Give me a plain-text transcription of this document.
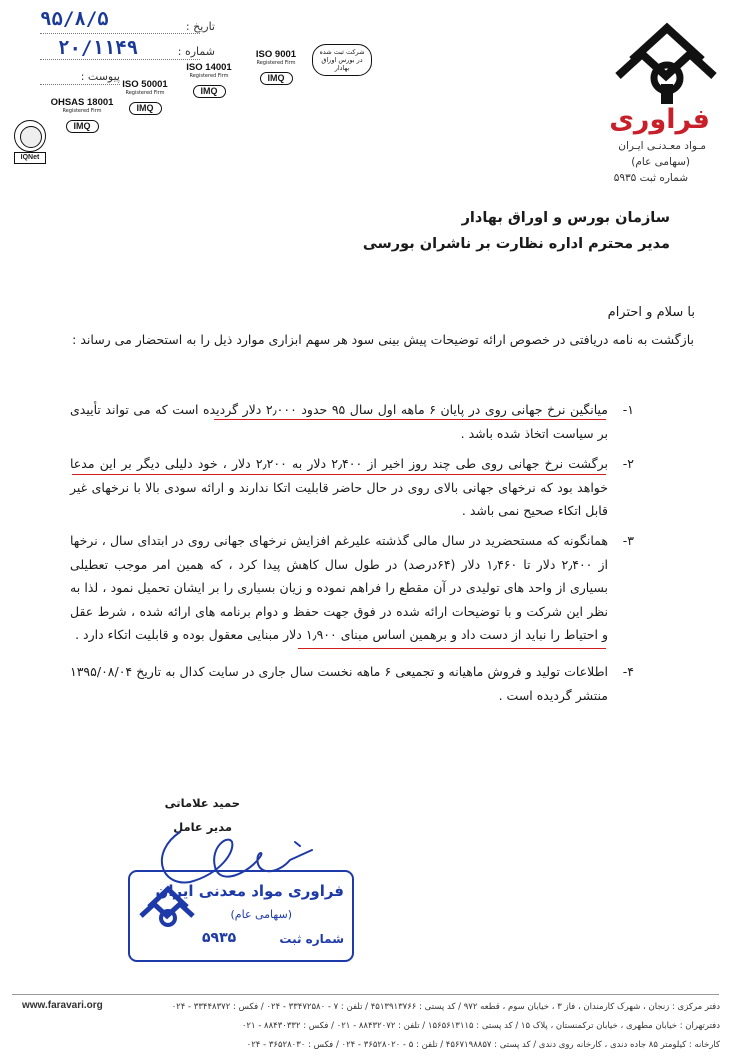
تاریخ :
۹۵/۸/۵
شماره :
۲۰/۱۱۴۹
پیوست :
ISO 9001
Registered Firm
IMQ
ISO 14001
Registered Firm
IMQ
ISO 50001
Registered Firm
IMQ
OHSAS 18001
Registered Firm
IMQ
شرکت ثبت شده در بورس اوراق بهادار
IQNet
فراوری
مـواد معـدنـی ایـران
(سهامی عام)
شماره ثبت ۵۹۳۵
سازمان بورس و اوراق بهادار
مدیر محترم اداره نظارت بر ناشران بورسی
با سلام و احترام
بازگشت به نامه دریافتی در خصوص ارائه توضیحات پیش بینی سود هر سهم ابزاری موارد ذیل را به استحضار می رساند :
۱-
میانگین نرخ جهانی روی در پایان ۶ ماهه اول سال ۹۵ حدود ۲٫۰۰۰ دلار گردیده است که می تواند تأییدی بر سیاست اتخاذ شده باشد .
۲-
برگشت نرخ جهانی روی طی چند روز اخیر از ۲٫۴۰۰ دلار به ۲٫۲۰۰ دلار ، خود دلیلی دیگر بر این مدعا خواهد بود که نرخهای جهانی بالای روی در حال حاضر قابلیت اتکا ندارند و ارائه سودی بالا با نرخهای غیر قابل اتکاء صحیح نمی باشد .
۳-
همانگونه که مستحضرید در سال مالی گذشته علیرغم افزایش نرخهای جهانی روی در ابتدای سال ، نرخها از ۲٫۴۰۰ دلار تا ۱٫۴۶۰ دلار (۶۴درصد) در طول سال کاهش پیدا کرد ، که همین امر موجب تعطیلی بسیاری از واحد های تولیدی در آن مقطع را فراهم نموده و زیان بسیاری را بر ایشان تحمیل نمود ، لذا به نظر این شرکت و با توضیحات ارائه شده در فوق جهت حفظ و دوام برنامه های ارائه شده ، شرط عقل و احتیاط را نباید از دست داد و برهمین اساس مبنای ۱٫۹۰۰ دلار مبنایی معقول بوده و قابلیت اتکاء دارد .
۴-
اطلاعات تولید و فروش ماهیانه و تجمیعی ۶ ماهه نخست سال جاری در سایت کدال به تاریخ ۱۳۹۵/۰۸/۰۴ منتشر گردیده است .
حمید علاماتی
مدیر عامل
فراوری مواد معدنی ایران
(سهامی عام)
شماره ثبت
۵۹۳۵
www.faravari.org	دفتر مرکزی : زنجان ، شهرک کارمندان ، فاز ۳ ، خیابان سوم ، قطعه ۹۷۲ / کد پستی : ۴۵۱۳۹۱۳۷۶۶ / تلفن : ۷ - ۳۳۴۷۲۵۸۰ - ۰۲۴ / فکس : ۳۳۴۴۸۳۷۲ - ۰۲۴
دفترتهران : خیابان مطهری ، خیابان ترکمنستان ، پلاک ۱۵ / کد پستی : ۱۵۶۵۶۱۳۱۱۵ / تلفن : ۸۸۴۳۲۰۷۲ - ۰۲۱ / فکس : ۸۸۴۳۰۳۳۲ - ۰۲۱
کارخانه : کیلومتر ۸۵ جاده دندی ، کارخانه روی دندی / کد پستی : ۴۵۶۷۱۹۸۸۵۷ / تلفن : ۵ - ۳۶۵۲۸۰۲۰ - ۰۲۴ / فکس : ۳۶۵۲۸۰۳۰ - ۰۲۴
